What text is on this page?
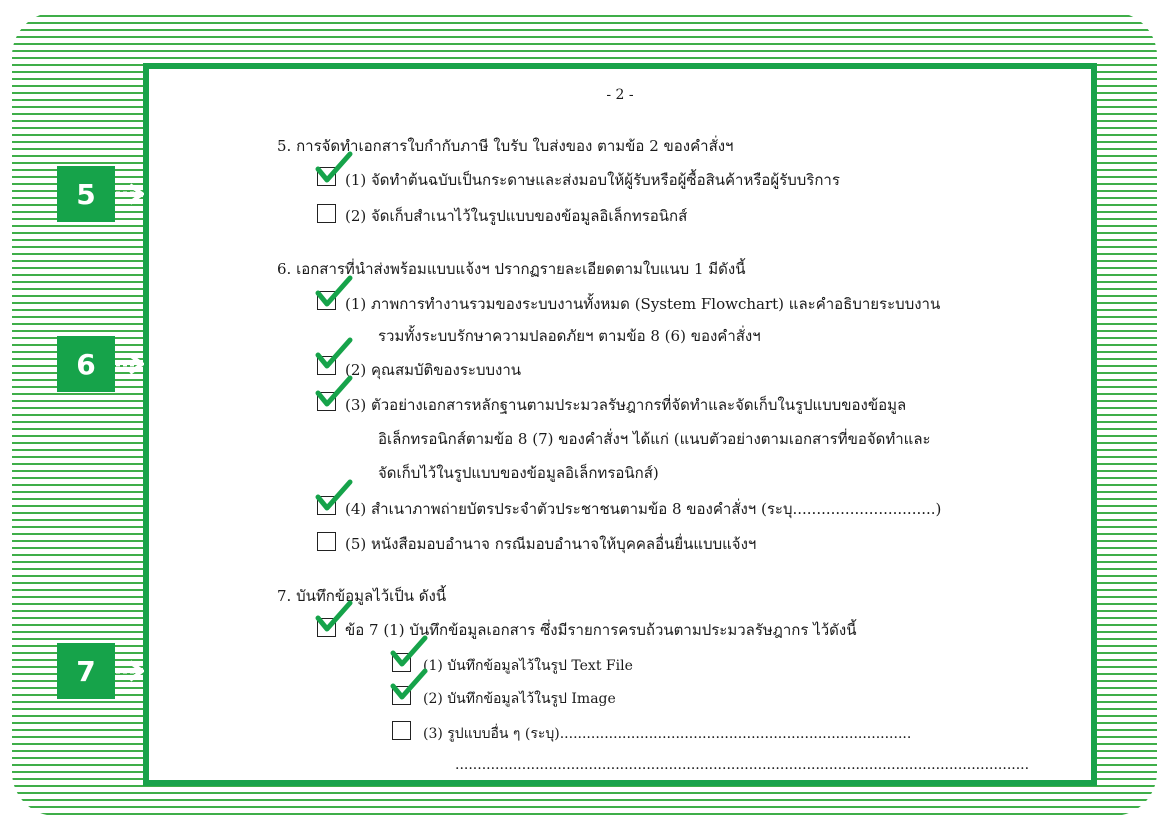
- 2 -
5. การจัดทำเอกสารใบกำกับภาษี ใบรับ ใบส่งของ ตามข้อ 2 ของคำสั่งฯ
(1) จัดทำต้นฉบับเป็นกระดาษและส่งมอบให้ผู้รับหรือผู้ซื้อสินค้าหรือผู้รับบริการ
(2) จัดเก็บสำเนาไว้ในรูปแบบของข้อมูลอิเล็กทรอนิกส์
6. เอกสารที่นำส่งพร้อมแบบแจ้งฯ ปรากฏรายละเอียดตามใบแนบ 1 มีดังนี้
(1) ภาพการทำงานรวมของระบบงานทั้งหมด (System Flowchart) และคำอธิบายระบบงาน
รวมทั้งระบบรักษาความปลอดภัยฯ ตามข้อ 8 (6) ของคำสั่งฯ
(2) คุณสมบัติของระบบงาน
(3) ตัวอย่างเอกสารหลักฐานตามประมวลรัษฎากรที่จัดทำและจัดเก็บในรูปแบบของข้อมูล
อิเล็กทรอนิกส์ตามข้อ 8 (7) ของคำสั่งฯ ได้แก่ (แนบตัวอย่างตามเอกสารที่ขอจัดทำและ
จัดเก็บไว้ในรูปแบบของข้อมูลอิเล็กทรอนิกส์)
(4) สำเนาภาพถ่ายบัตรประจำตัวประชาชนตามข้อ 8 ของคำสั่งฯ (ระบุ..............................)
(5) หนังสือมอบอำนาจ กรณีมอบอำนาจให้บุคคลอื่นยื่นแบบแจ้งฯ
7. บันทึกข้อมูลไว้เป็น ดังนี้
ข้อ 7 (1) บันทึกข้อมูลเอกสาร ซึ่งมีรายการครบถ้วนตามประมวลรัษฎากร ไว้ดังนี้
(1) บันทึกข้อมูลไว้ในรูป Text File
(2) บันทึกข้อมูลไว้ในรูป Image
(3) รูปแบบอื่น ๆ (ระบุ)...............................................................................
.................................................................................................................................
5
6
7
